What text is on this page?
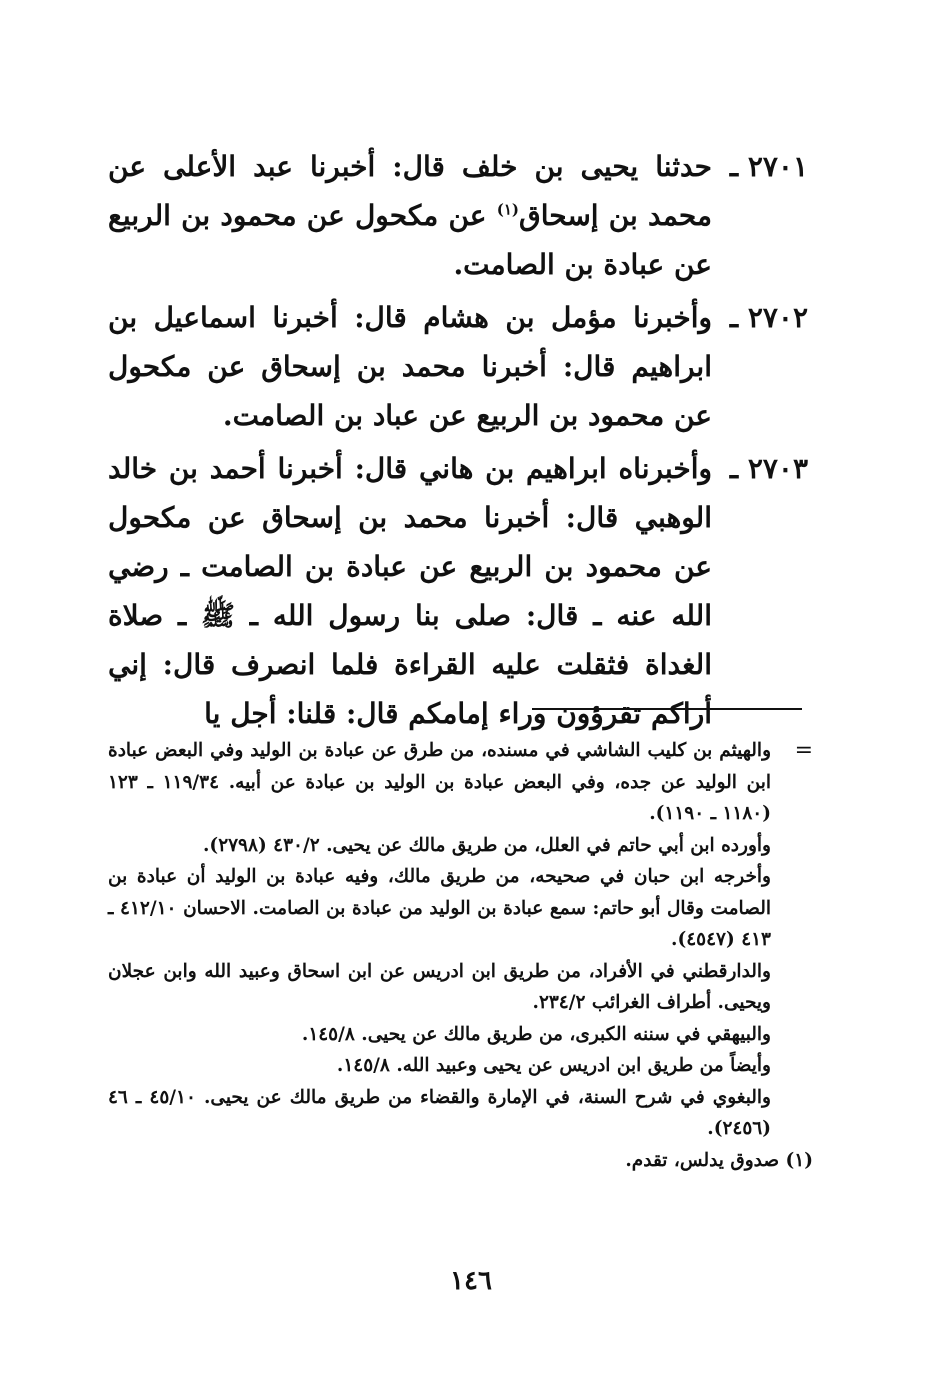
٢٧٠١ ـ
حدثنا يحيى بن خلف قال: أخبرنا عبد الأعلى عن محمد بن إسحاق$^{(١)}$ عن مكحول عن محمود بن الربيع عن عبادة بن الصامت.
٢٧٠٢ ـ
وأخبرنا مؤمل بن هشام قال: أخبرنا اسماعيل بن ابراهيم قال: أخبرنا محمد بن إسحاق عن مكحول عن محمود بن الربيع عن عباد بن الصامت.
٢٧٠٣ ـ
وأخبرناه ابراهيم بن هاني قال: أخبرنا أحمد بن خالد الوهبي قال: أخبرنا محمد بن إسحاق عن مكحول عن محمود بن الربيع عن عبادة بن الصامت ـ رضي الله عنه ـ قال: صلى بنا رسول الله ـ ﷺ ـ صلاة الغداة فثقلت عليه القراءة فلما انصرف قال: إني أراكم تقرؤون وراء إمامكم قال: قلنا: أجل يا
=
والهيثم بن كليب الشاشي في مسنده، من طرق عن عبادة بن الوليد وفي البعض عبادة ابن الوليد عن جده، وفي البعض عبادة بن الوليد بن عبادة عن أبيه. ١١٩/٣٤ ـ ١٢٣ (١١٨٠ ـ ١١٩٠).
وأورده ابن أبي حاتم في العلل، من طريق مالك عن يحيى. ٤٣٠/٢ (٢٧٩٨).
وأخرجه ابن حبان في صحيحه، من طريق مالك، وفيه عبادة بن الوليد أن عبادة بن الصامت وقال أبو حاتم: سمع عبادة بن الوليد من عبادة بن الصامت. الاحسان ٤١٢/١٠ ـ ٤١٣ (٤٥٤٧).
والدارقطني في الأفراد، من طريق ابن ادريس عن ابن اسحاق وعبيد الله وابن عجلان ويحيى. أطراف الغرائب ٢٣٤/٢.
والبيهقي في سننه الكبرى، من طريق مالك عن يحيى. ١٤٥/٨.
وأيضاً من طريق ابن ادريس عن يحيى وعبيد الله. ١٤٥/٨.
والبغوي في شرح السنة، في الإمارة والقضاء من طريق مالك عن يحيى. ٤٥/١٠ ـ ٤٦ (٢٤٥٦).
(١) صدوق يدلس، تقدم.
١٤٦
